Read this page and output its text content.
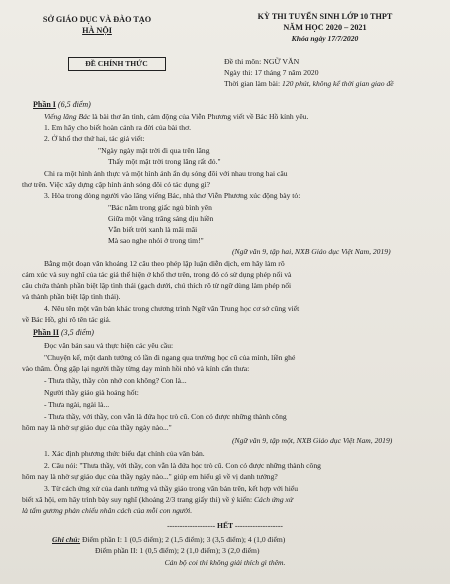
SỞ GIÁO DỤC VÀ ĐÀO TẠO
HÀ NỘI
KỲ THI TUYỂN SINH LỚP 10 THPT
NĂM HỌC 2020 – 2021
Khóa ngày 17/7/2020
ĐỀ CHÍNH THỨC	Đề thi môn: NGỮ VĂN
Ngày thi: 17 tháng 7 năm 2020
Thời gian làm bài: 120 phút, không kể thời gian giao đề
Phần I (6,5 điểm)
Viếng lăng Bác là bài thơ ân tình, cảm động của Viễn Phương viết về Bác Hồ kính yêu.
1. Em hãy cho biết hoàn cảnh ra đời của bài thơ.
2. Ở khổ thơ thứ hai, tác giả viết:
"Ngày ngày mặt trời đi qua trên lăng
Thấy một mặt trời trong lăng rất đỏ."
Chi ra một hình ảnh thực và một hình ảnh ẩn dụ sóng đôi với nhau trong hai câu
thơ trên. Việc xây dựng cặp hình ảnh sóng đôi có tác dụng gì?
3. Hòa trong dòng người vào lăng viếng Bác, nhà thơ Viễn Phương xúc động bày tỏ:
"Bác nằm trong giấc ngủ bình yên
Giữa một vầng trăng sáng dịu hiền
Vẫn biết trời xanh là mãi mãi
Mà sao nghe nhói ở trong tim!"
(Ngữ văn 9, tập hai, NXB Giáo dục Việt Nam, 2019)
Bằng một đoạn văn khoảng 12 câu theo phép lập luận diễn dịch, em hãy làm rõ
cảm xúc và suy nghĩ của tác giả thể hiện ở khổ thơ trên, trong đó có sử dụng phép nối và
câu chứa thành phần biệt lập tình thái (gạch dưới, chú thích rõ từ ngữ dùng làm phép nối
và thành phần biệt lập tình thái).
4. Nêu tên một văn bản khác trong chương trình Ngữ văn Trung học cơ sở cũng viết
về Bác Hồ, ghi rõ tên tác giả.
Phần II (3,5 điểm)
Đọc văn bản sau và thực hiện các yêu cầu:
"Chuyện kể, một danh tướng có lần đi ngang qua trường học cũ của mình, liền ghé
vào thăm. Ông gặp lại người thầy từng dạy mình hồi nhỏ và kính cẩn thưa:
- Thưa thầy, thầy còn nhớ con không? Con là...
Người thầy giáo già hoảng hốt:
- Thưa ngài, ngài là...
- Thưa thầy, với thầy, con vẫn là đứa học trò cũ. Con có được những thành công
hôm nay là nhờ sự giáo dục của thầy ngày nào..."
(Ngữ văn 9, tập một, NXB Giáo dục Việt Nam, 2019)
1. Xác định phương thức biểu đạt chính của văn bản.
2. Câu nói: "Thưa thầy, với thầy, con vẫn là đứa học trò cũ. Con có được những thành công
hôm nay là nhờ sự giáo dục của thầy ngày nào..." giúp em hiểu gì về vị danh tướng?
3. Từ cách ứng xử của danh tướng và thầy giáo trong văn bản trên, kết hợp với hiểu
biết xã hội, em hãy trình bày suy nghĩ (khoảng 2/3 trang giấy thi) về ý kiến: Cách ứng xử
là tấm gương phản chiếu nhân cách của mỗi con người.
------------------- HẾT -------------------
Ghi chú: Điểm phần I: 1 (0,5 điểm); 2 (1,5 điểm); 3 (3,5 điểm); 4 (1,0 điểm)
Điểm phần II: 1 (0,5 điểm); 2 (1,0 điểm); 3 (2,0 điểm)
Cán bộ coi thi không giải thích gì thêm.
